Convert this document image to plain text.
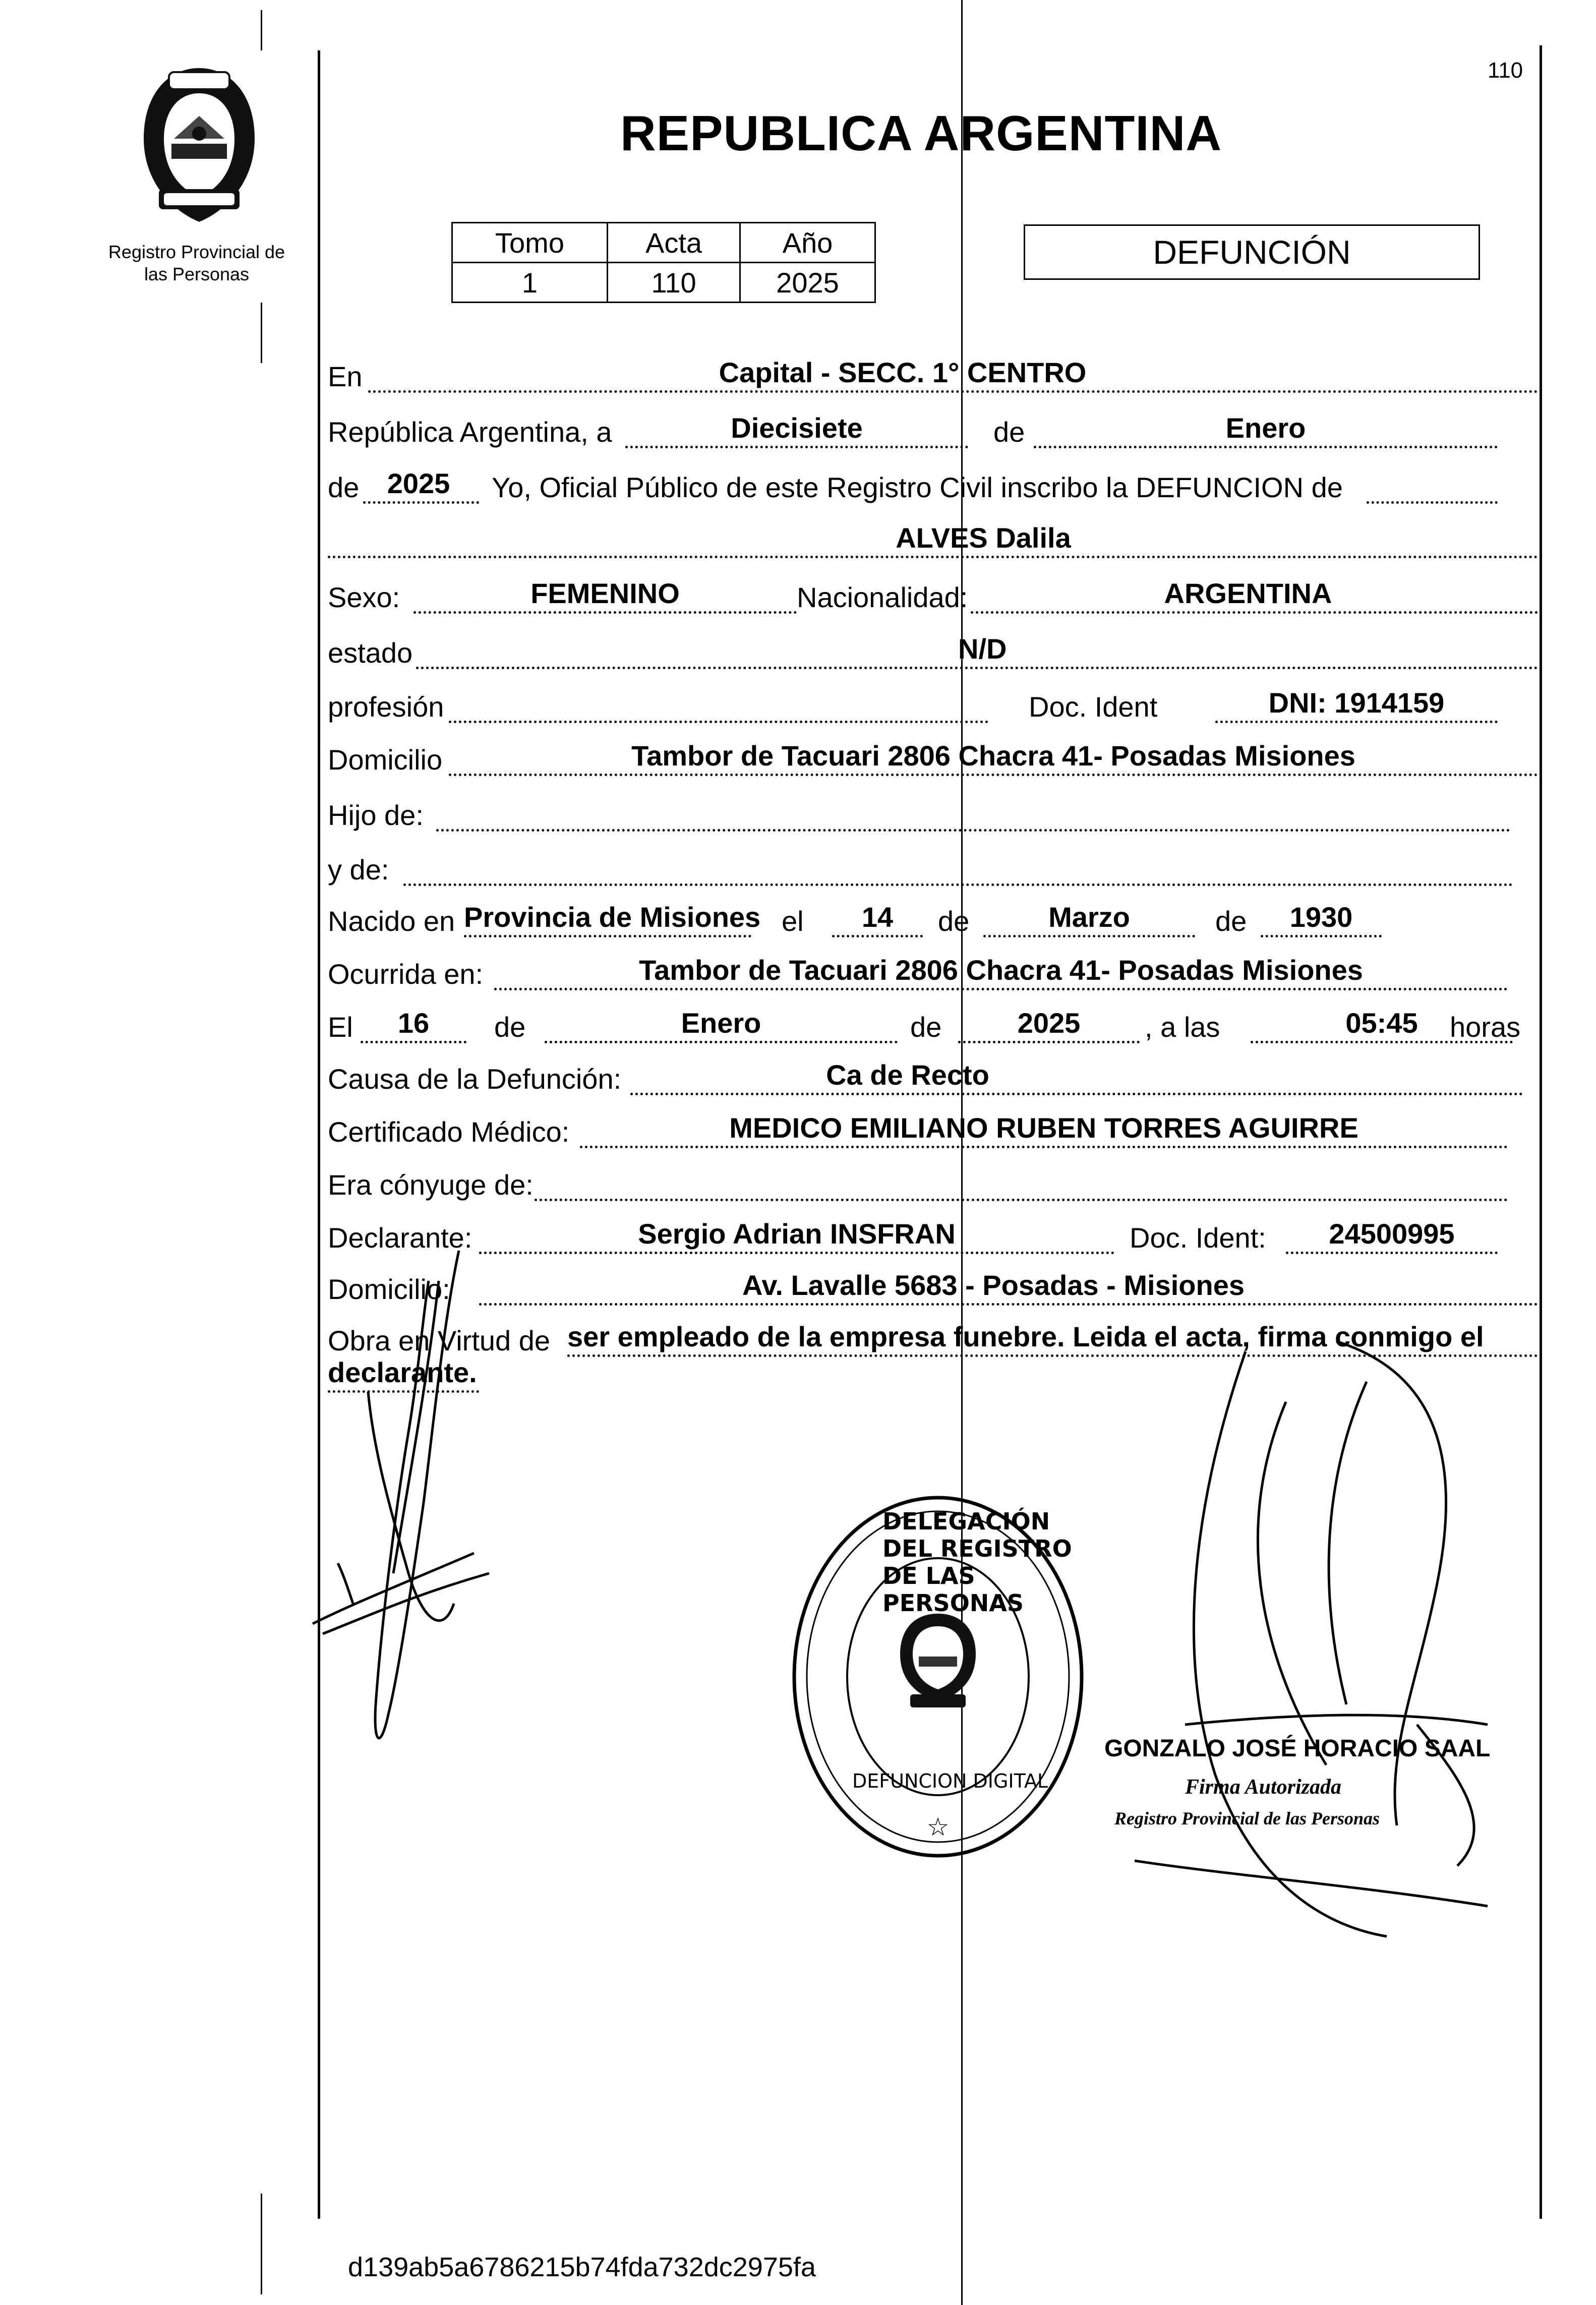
Registro Provincial de
las Personas
110
REPUBLICA ARGENTINA
Tomo	Acta	Año
1	110	2025
DEFUNCIÓN
En	Capital - SECC. 1° CENTRO
República Argentina, a	Diecisiete	de	Enero
de 2025	Yo, Oficial Público de este Registro Civil inscribo la DEFUNCION de
ALVES Dalila
Sexo:	FEMENINO	Nacionalidad:	ARGENTINA
estado	N/D
profesión	Doc. Ident	DNI: 1914159
Domicilio	Tambor de Tacuari 2806 Chacra 41- Posadas Misiones
Hijo de:
y de:
Nacido en Provincia de Misiones el	14	de	Marzo	de	1930
Ocurrida en:	Tambor de Tacuari 2806 Chacra 41- Posadas Misiones
El	16	de	Enero	de	2025	, a las	05:45	horas
Causa de la Defunción:	Ca de Recto
Certificado Médico:	MEDICO EMILIANO RUBEN TORRES AGUIRRE
Era cónyuge de:
Declarante:	Sergio Adrian INSFRAN	Doc. Ident:	24500995
Domicilio:	Av. Lavalle 5683 - Posadas - Misiones
Obra en Virtud de ser empleado de la empresa funebre. Leida el acta, firma conmigo el
declarante.
☆
DELEGACIÓN DEL REGISTRO DE LAS PERSONAS
DEFUNCION DIGITAL
GONZALO JOSÉ HORACIO SAAL
Firma Autorizada
Registro Provincial de las Personas
d139ab5a6786215b74fda732dc2975fa
